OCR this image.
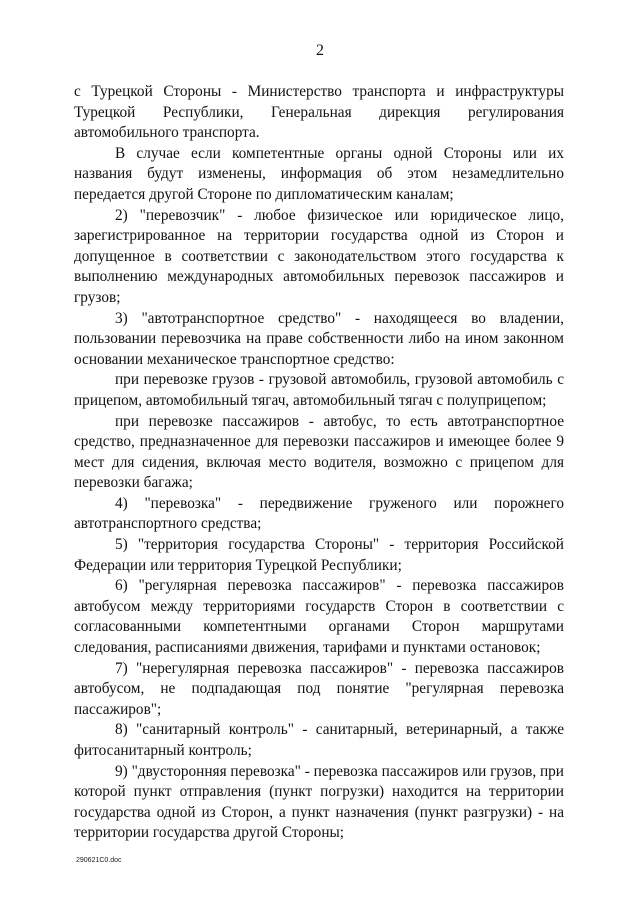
2

с Турецкой Стороны - Министерство транспорта и инфраструктуры Турецкой Республики, Генеральная дирекция регулирования автомобильного транспорта.

В случае если компетентные органы одной Стороны или их названия будут изменены, информация об этом незамедлительно передается другой Стороне по дипломатическим каналам;

2) "перевозчик" - любое физическое или юридическое лицо, зарегистрированное на территории государства одной из Сторон и допущенное в соответствии с законодательством этого государства к выполнению международных автомобильных перевозок пассажиров и грузов;

3) "автотранспортное средство" - находящееся во владении, пользовании перевозчика на праве собственности либо на ином законном основании механическое транспортное средство:

при перевозке грузов - грузовой автомобиль, грузовой автомобиль с прицепом, автомобильный тягач, автомобильный тягач с полуприцепом;

при перевозке пассажиров - автобус, то есть автотранспортное средство, предназначенное для перевозки пассажиров и имеющее более 9 мест для сидения, включая место водителя, возможно с прицепом для перевозки багажа;

4) "перевозка" - передвижение груженого или порожнего автотранспортного средства;

5) "территория государства Стороны" - территория Российской Федерации или территория Турецкой Республики;

6) "регулярная перевозка пассажиров" - перевозка пассажиров автобусом между территориями государств Сторон в соответствии с согласованными компетентными органами Сторон маршрутами следования, расписаниями движения, тарифами и пунктами остановок;

7) "нерегулярная перевозка пассажиров" - перевозка пассажиров автобусом, не подпадающая под понятие "регулярная перевозка пассажиров";

8) "санитарный контроль" - санитарный, ветеринарный, а также фитосанитарный контроль;

9) "двусторонняя перевозка" - перевозка пассажиров или грузов, при которой пункт отправления (пункт погрузки) находится на территории государства одной из Сторон, а пункт назначения (пункт разгрузки) - на территории государства другой Стороны;

290621C0.doc
